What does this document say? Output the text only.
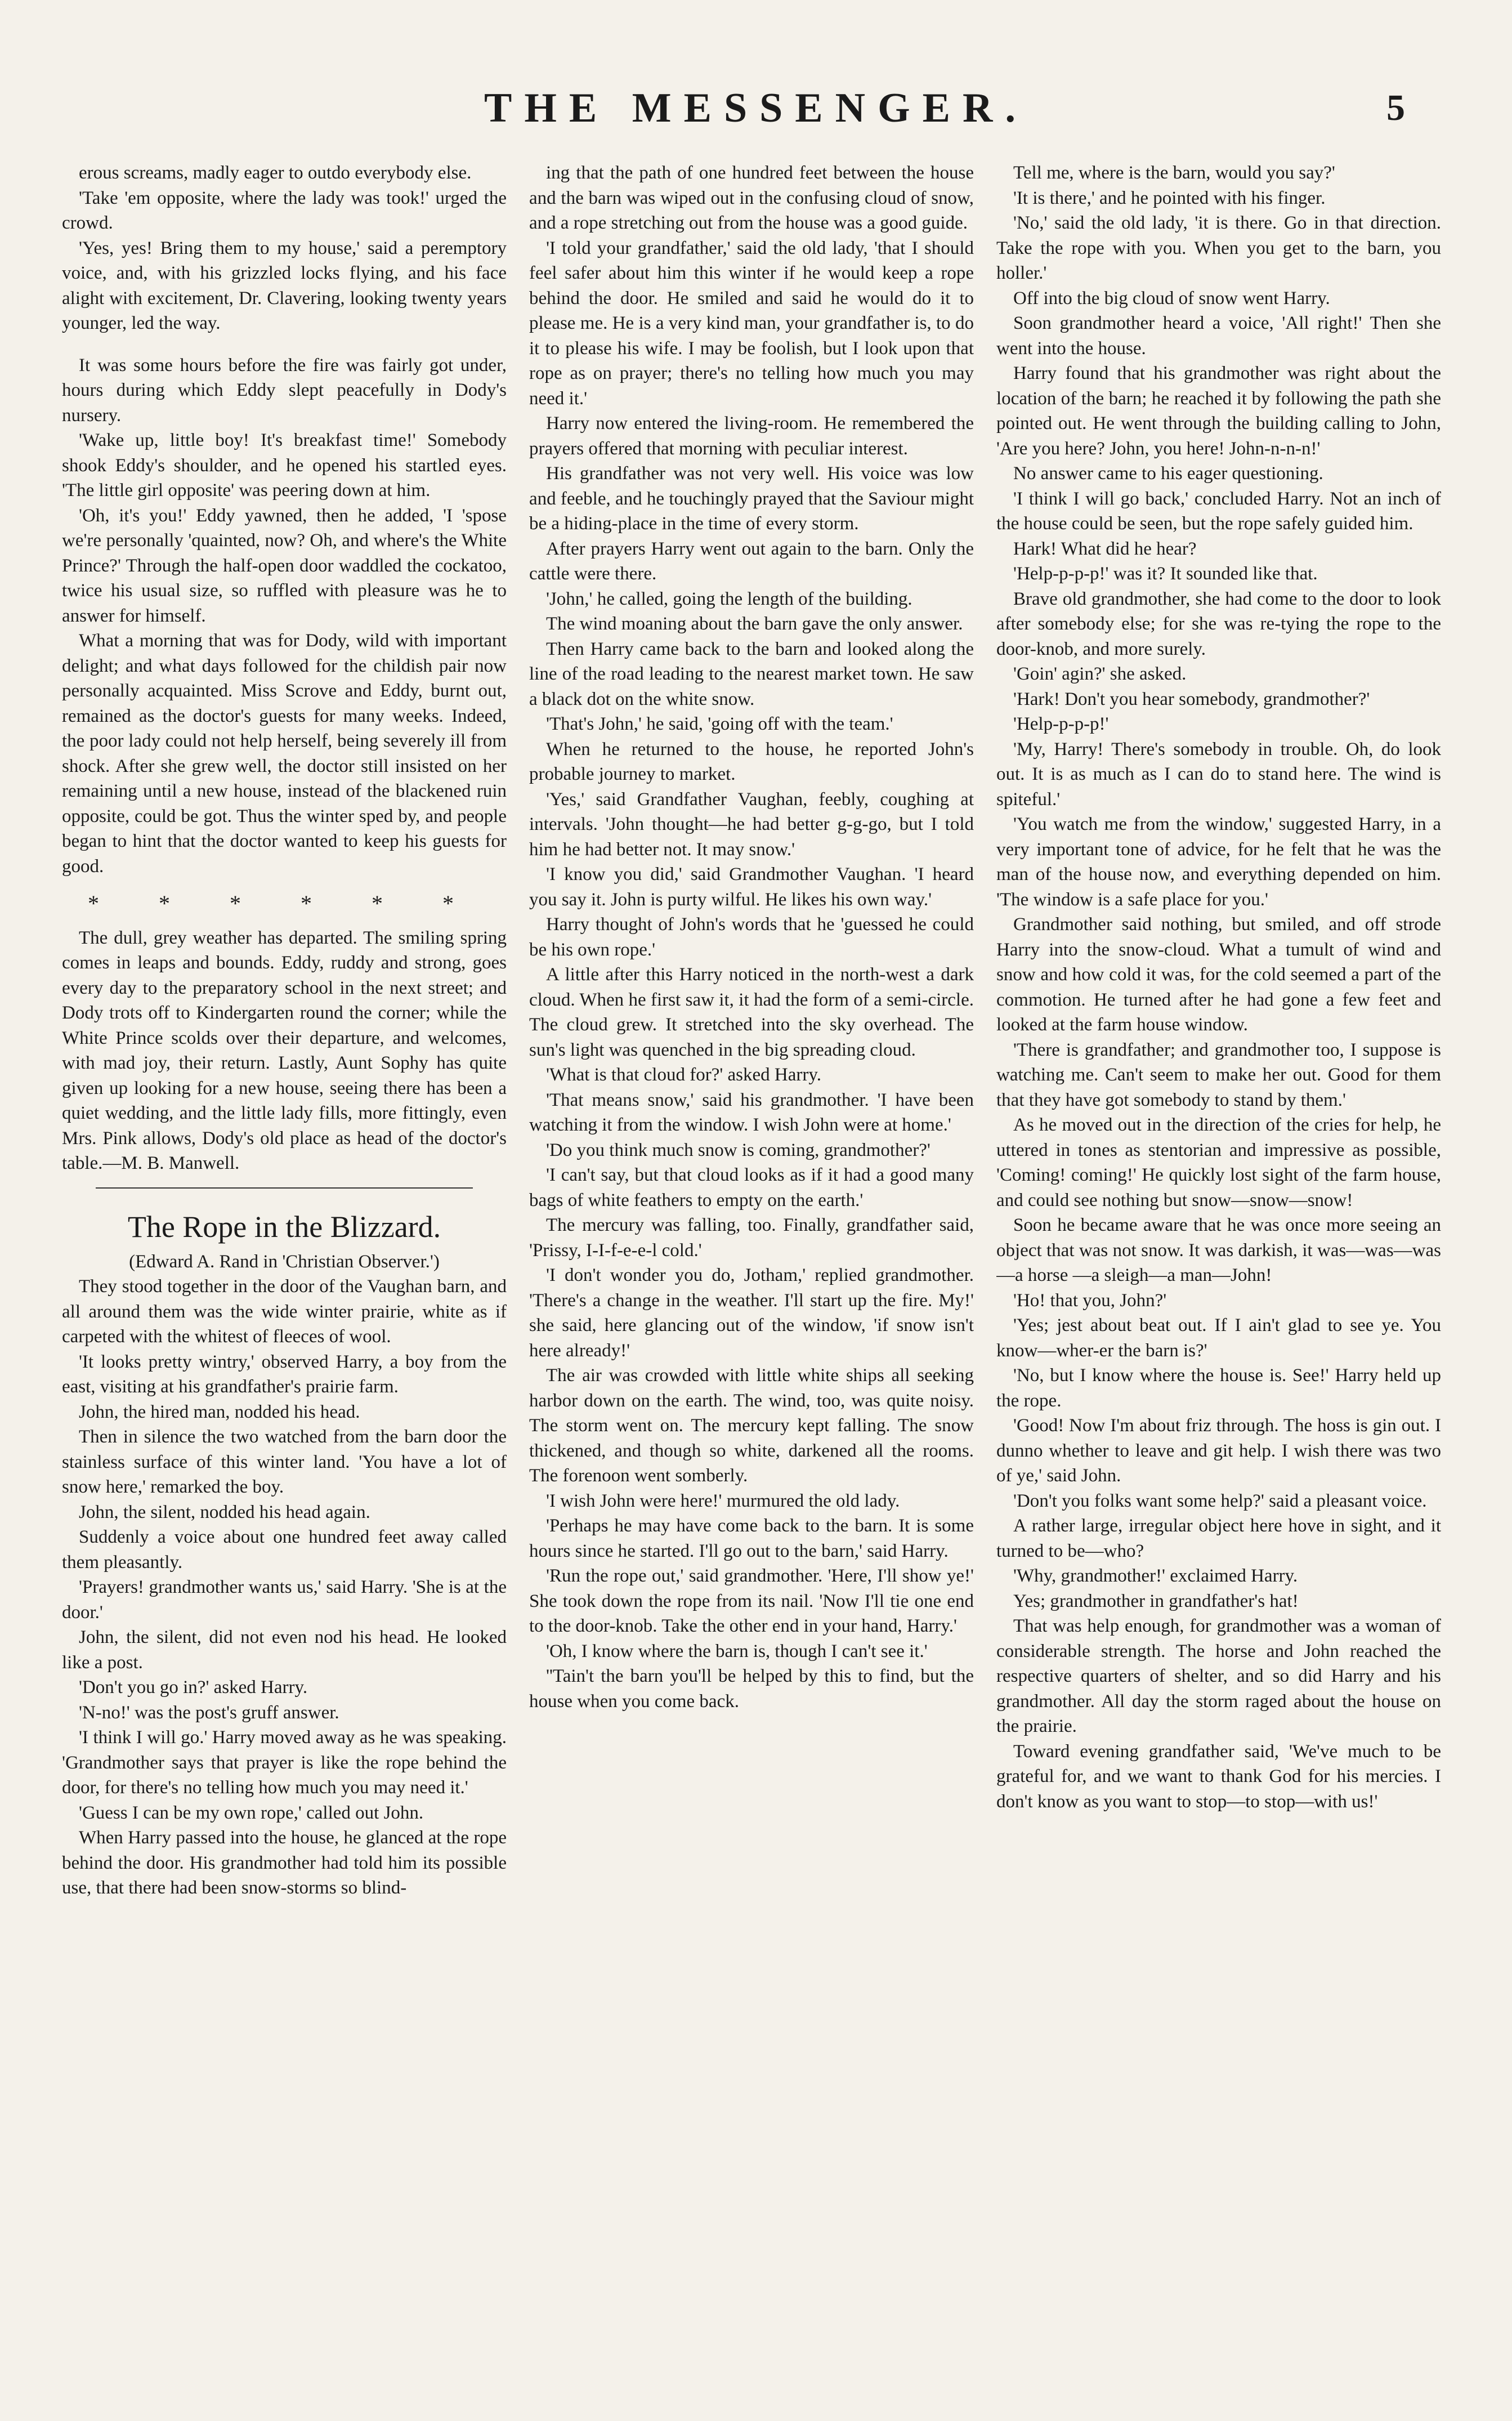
THE MESSENGER.	5

erous screams, madly eager to outdo everybody else.

'Take 'em opposite, where the lady was took!' urged the crowd.

'Yes, yes! Bring them to my house,' said a peremptory voice, and, with his grizzled locks flying, and his face alight with excitement, Dr. Clavering, looking twenty years younger, led the way.

It was some hours before the fire was fairly got under, hours during which Eddy slept peacefully in Dody's nursery.

'Wake up, little boy! It's breakfast time!' Somebody shook Eddy's shoulder, and he opened his startled eyes. 'The little girl opposite' was peering down at him.

'Oh, it's you!' Eddy yawned, then he added, 'I 'spose we're personally 'quainted, now? Oh, and where's the White Prince?' Through the half-open door waddled the cockatoo, twice his usual size, so ruffled with pleasure was he to answer for himself.

What a morning that was for Dody, wild with important delight; and what days followed for the childish pair now personally acquainted. Miss Scrove and Eddy, burnt out, remained as the doctor's guests for many weeks. Indeed, the poor lady could not help herself, being severely ill from shock. After she grew well, the doctor still insisted on her remaining until a new house, instead of the blackened ruin opposite, could be got. Thus the winter sped by, and people began to hint that the doctor wanted to keep his guests for good.

* * * * * *

The dull, grey weather has departed. The smiling spring comes in leaps and bounds. Eddy, ruddy and strong, goes every day to the preparatory school in the next street; and Dody trots off to Kindergarten round the corner; while the White Prince scolds over their departure, and welcomes, with mad joy, their return. Lastly, Aunt Sophy has quite given up looking for a new house, seeing there has been a quiet wedding, and the little lady fills, more fittingly, even Mrs. Pink allows, Dody's old place as head of the doctor's table.—M. B. Manwell.

The Rope in the Blizzard.

(Edward A. Rand in 'Christian Observer.')

They stood together in the door of the Vaughan barn, and all around them was the wide winter prairie, white as if carpeted with the whitest of fleeces of wool.

'It looks pretty wintry,' observed Harry, a boy from the east, visiting at his grandfather's prairie farm.

John, the hired man, nodded his head.

Then in silence the two watched from the barn door the stainless surface of this winter land. 'You have a lot of snow here,' remarked the boy.

John, the silent, nodded his head again.

Suddenly a voice about one hundred feet away called them pleasantly.

'Prayers! grandmother wants us,' said Harry. 'She is at the door.'

John, the silent, did not even nod his head. He looked like a post.

'Don't you go in?' asked Harry.

'N-no!' was the post's gruff answer.

'I think I will go.' Harry moved away as he was speaking. 'Grandmother says that prayer is like the rope behind the door, for there's no telling how much you may need it.'

'Guess I can be my own rope,' called out John.

When Harry passed into the house, he glanced at the rope behind the door. His grandmother had told him its possible use, that there had been snow-storms so blind-

ing that the path of one hundred feet between the house and the barn was wiped out in the confusing cloud of snow, and a rope stretching out from the house was a good guide.

'I told your grandfather,' said the old lady, 'that I should feel safer about him this winter if he would keep a rope behind the door. He smiled and said he would do it to please me. He is a very kind man, your grandfather is, to do it to please his wife. I may be foolish, but I look upon that rope as on prayer; there's no telling how much you may need it.'

Harry now entered the living-room. He remembered the prayers offered that morning with peculiar interest.

His grandfather was not very well. His voice was low and feeble, and he touchingly prayed that the Saviour might be a hiding-place in the time of every storm.

After prayers Harry went out again to the barn. Only the cattle were there.

'John,' he called, going the length of the building.

The wind moaning about the barn gave the only answer.

Then Harry came back to the barn and looked along the line of the road leading to the nearest market town. He saw a black dot on the white snow.

'That's John,' he said, 'going off with the team.'

When he returned to the house, he reported John's probable journey to market.

'Yes,' said Grandfather Vaughan, feebly, coughing at intervals. 'John thought—he had better g-g-go, but I told him he had better not. It may snow.'

'I know you did,' said Grandmother Vaughan. 'I heard you say it. John is purty wilful. He likes his own way.'

Harry thought of John's words that he 'guessed he could be his own rope.'

A little after this Harry noticed in the north-west a dark cloud. When he first saw it, it had the form of a semi-circle. The cloud grew. It stretched into the sky overhead. The sun's light was quenched in the big spreading cloud.

'What is that cloud for?' asked Harry.

'That means snow,' said his grandmother. 'I have been watching it from the window. I wish John were at home.'

'Do you think much snow is coming, grandmother?'

'I can't say, but that cloud looks as if it had a good many bags of white feathers to empty on the earth.'

The mercury was falling, too. Finally, grandfather said, 'Prissy, I-I-f-e-e-l cold.'

'I don't wonder you do, Jotham,' replied grandmother. 'There's a change in the weather. I'll start up the fire. My!' she said, here glancing out of the window, 'if snow isn't here already!'

The air was crowded with little white ships all seeking harbor down on the earth. The wind, too, was quite noisy. The storm went on. The mercury kept falling. The snow thickened, and though so white, darkened all the rooms. The forenoon went somberly.

'I wish John were here!' murmured the old lady.

'Perhaps he may have come back to the barn. It is some hours since he started. I'll go out to the barn,' said Harry.

'Run the rope out,' said grandmother. 'Here, I'll show ye!' She took down the rope from its nail. 'Now I'll tie one end to the door-knob. Take the other end in your hand, Harry.'

'Oh, I know where the barn is, though I can't see it.'

''Tain't the barn you'll be helped by this to find, but the house when you come back.

Tell me, where is the barn, would you say?'

'It is there,' and he pointed with his finger.

'No,' said the old lady, 'it is there. Go in that direction. Take the rope with you. When you get to the barn, you holler.'

Off into the big cloud of snow went Harry.

Soon grandmother heard a voice, 'All right!' Then she went into the house.

Harry found that his grandmother was right about the location of the barn; he reached it by following the path she pointed out. He went through the building calling to John, 'Are you here? John, you here! John-n-n-n!'

No answer came to his eager questioning.

'I think I will go back,' concluded Harry. Not an inch of the house could be seen, but the rope safely guided him.

Hark! What did he hear?

'Help-p-p-p!' was it? It sounded like that.

Brave old grandmother, she had come to the door to look after somebody else; for she was re-tying the rope to the door-knob, and more surely.

'Goin' agin?' she asked.

'Hark! Don't you hear somebody, grandmother?'

'Help-p-p-p!'

'My, Harry! There's somebody in trouble. Oh, do look out. It is as much as I can do to stand here. The wind is spiteful.'

'You watch me from the window,' suggested Harry, in a very important tone of advice, for he felt that he was the man of the house now, and everything depended on him. 'The window is a safe place for you.'

Grandmother said nothing, but smiled, and off strode Harry into the snow-cloud. What a tumult of wind and snow and how cold it was, for the cold seemed a part of the commotion. He turned after he had gone a few feet and looked at the farm house window.

'There is grandfather; and grandmother too, I suppose is watching me. Can't seem to make her out. Good for them that they have got somebody to stand by them.'

As he moved out in the direction of the cries for help, he uttered in tones as stentorian and impressive as possible, 'Coming! coming!' He quickly lost sight of the farm house, and could see nothing but snow—snow—snow!

Soon he became aware that he was once more seeing an object that was not snow. It was darkish, it was—was—was—a horse —a sleigh—a man—John!

'Ho! that you, John?'

'Yes; jest about beat out. If I ain't glad to see ye. You know—wher-er the barn is?'

'No, but I know where the house is. See!' Harry held up the rope.

'Good! Now I'm about friz through. The hoss is gin out. I dunno whether to leave and git help. I wish there was two of ye,' said John.

'Don't you folks want some help?' said a pleasant voice.

A rather large, irregular object here hove in sight, and it turned to be—who?

'Why, grandmother!' exclaimed Harry.

Yes; grandmother in grandfather's hat!

That was help enough, for grandmother was a woman of considerable strength. The horse and John reached the respective quarters of shelter, and so did Harry and his grandmother. All day the storm raged about the house on the prairie.

Toward evening grandfather said, 'We've much to be grateful for, and we want to thank God for his mercies. I don't know as you want to stop—to stop—with us!'
